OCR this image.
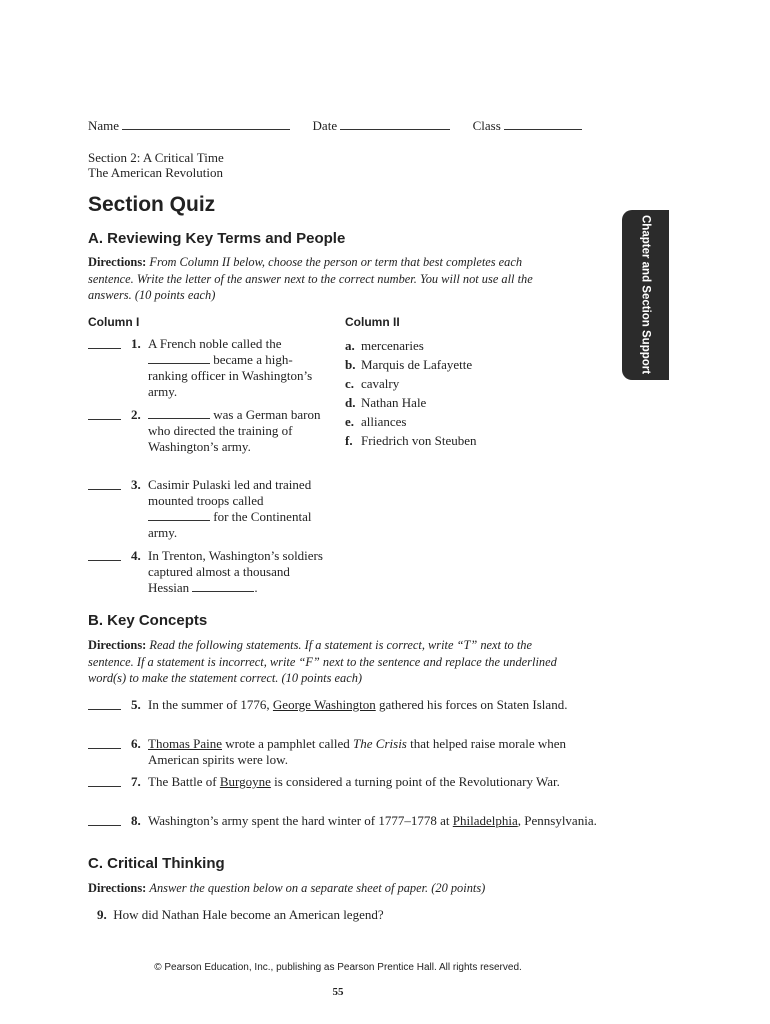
Name	Date	Class
Section 2: A Critical Time
The American Revolution
Section Quiz
Chapter and Section Support
A. Reviewing Key Terms and People
Directions: From Column II below, choose the person or term that best completes each sentence. Write the letter of the answer next to the correct number. You will not use all the answers. (10 points each)
Column I	Column II
1. A French noble called the  became a high-ranking officer in Washington’s army.
2.	was a German baron who directed the training of Washington’s army.
3. Casimir Pulaski led and trained mounted troops called  for the Continental army.
4. In Trenton, Washington’s soldiers captured almost a thousand Hessian	.
a. mercenaries
b. Marquis de Lafayette
c. cavalry
d. Nathan Hale
e. alliances
f. Friedrich von Steuben
B. Key Concepts
Directions: Read the following statements. If a statement is correct, write “T” next to the sentence. If a statement is incorrect, write “F” next to the sentence and replace the underlined word(s) to make the statement correct. (10 points each)
5. In the summer of 1776, George Washington gathered his forces on Staten Island.
6. Thomas Paine wrote a pamphlet called The Crisis that helped raise morale when American spirits were low.
7. The Battle of Burgoyne is considered a turning point of the Revolutionary War.
8. Washington’s army spent the hard winter of 1777–1778 at Philadelphia, Pennsylvania.
C. Critical Thinking
Directions: Answer the question below on a separate sheet of paper. (20 points)
9. How did Nathan Hale become an American legend?
© Pearson Education, Inc., publishing as Pearson Prentice Hall. All rights reserved.
55
